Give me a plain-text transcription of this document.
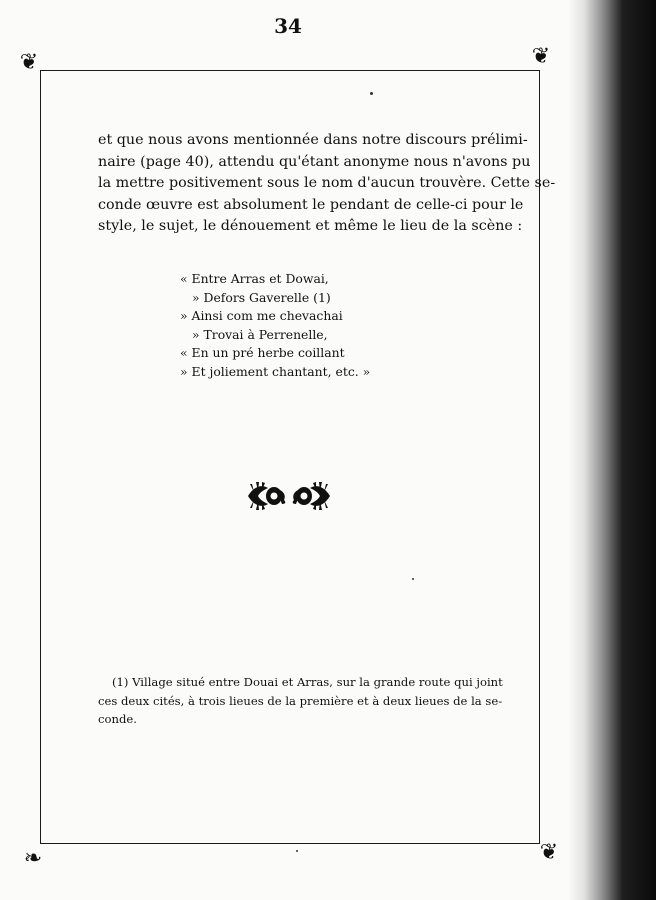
34
❦	❦
❧	❦
et que nous avons mentionnée dans notre discours prélimi-
naire (page 40), attendu qu'étant anonyme nous n'avons pu
la mettre positivement sous le nom d'aucun trouvère. Cette se-
conde œuvre est absolument le pendant de celle-ci pour le
style, le sujet, le dénouement et même le lieu de la scène :
« Entre Arras et Dowai,
» Defors Gaverelle (1)
» Ainsi com me chevachai
» Trovai à Perrenelle,
« En un pré herbe coillant
» Et joliement chantant, etc. »
(1) Village situé entre Douai et Arras, sur la grande route qui joint
ces deux cités, à trois lieues de la première et à deux lieues de la se-
conde.
